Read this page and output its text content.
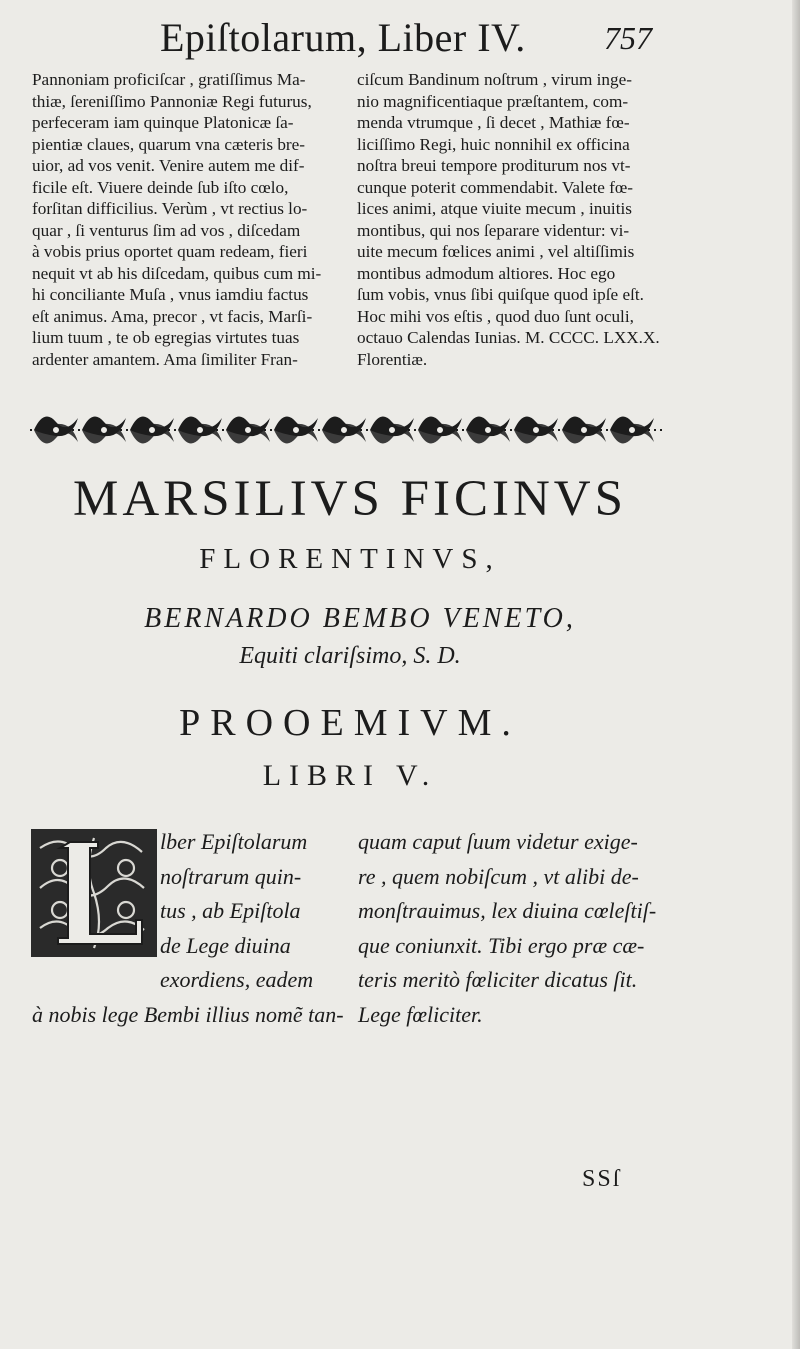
Epiſtolarum, Liber IV. 757
Pannoniam proficiſcar , gratiſſimus Ma-
thiæ, ſereniſſimo Pannoniæ Regi futurus,
perfeceram iam quinque Platonicæ ſa-
pientiæ claues, quarum vna cæteris bre-
uior, ad vos venit. Venire autem me dif-
ficile eſt. Viuere deinde ſub iſto cœlo,
forſitan difficilius. Verùm , vt rectius lo-
quar , ſi venturus ſim ad vos , diſcedam
à vobis prius oportet quam redeam, fieri
nequit vt ab his diſcedam, quibus cum mi-
hi conciliante Muſa , vnus iamdiu factus
eſt animus. Ama, precor , vt facis, Marſi-
lium tuum , te ob egregias virtutes tuas
ardenter amantem. Ama ſimiliter Fran-
ciſcum Bandinum noſtrum , virum inge-
nio magnificentiaque præſtantem, com-
menda vtrumque , ſi decet , Mathiæ fœ-
liciſſimo Regi, huic nonnihil ex officina
noſtra breui tempore proditurum nos vt-
cunque poterit commendabit. Valete fœ-
lices animi, atque viuite mecum , inuitis
montibus, qui nos ſeparare videntur: vi-
uite mecum fœlices animi , vel altiſſimis
montibus admodum altiores. Hoc ego
ſum vobis, vnus ſibi quiſque quod ipſe eſt.
Hoc mihi vos eſtis , quod duo ſunt oculi,
octauo Calendas Iunias. M. CCCC. LXX.X.
Florentiæ.
MARSILIVS FICINVS
FLORENTINVS,
BERNARDO BEMBO VENETO,
Equiti clariſsimo, S. D.
PROOEMIVM.
LIBRI V.
lber Epiſtolarum
noſtrarum quin-
tus , ab Epiſtola
de Lege diuina
exordiens, eadem
à nobis lege Bembi illius nomẽ tan-
quam caput ſuum videtur exige-
re , quem nobiſcum , vt alibi de-
monſtrauimus, lex diuina cœleſtiſ-
que coniunxit. Tibi ergo præ cæ-
teris meritò fœliciter dicatus ſit.
Lege fœliciter.
SSſ
